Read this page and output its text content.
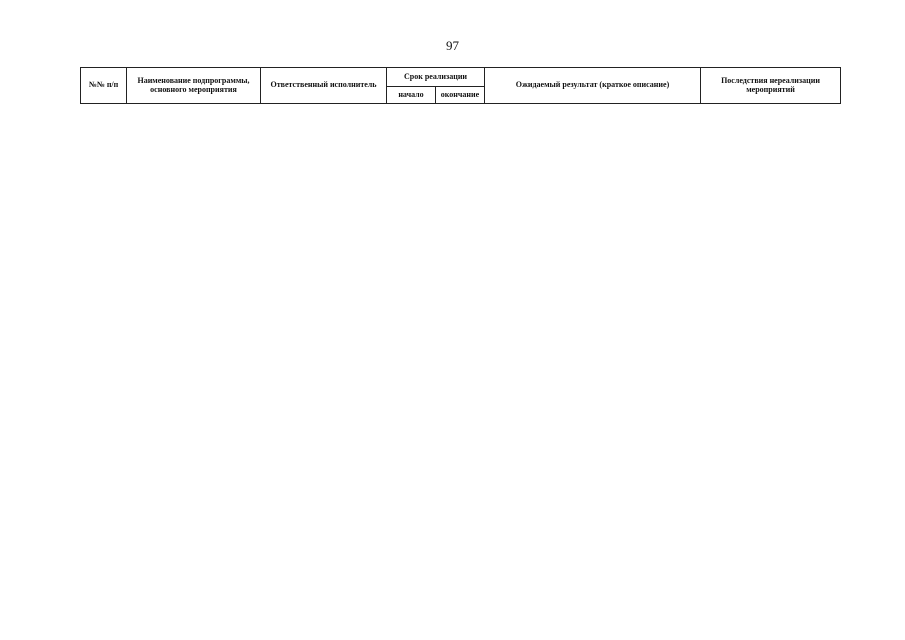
97
№№ п/п	Наименование подпрограммы, основного мероприятия	Ответственный исполнитель	Срок реализации		Ожидаемый результат (краткое описание)	Последствия нереализации мероприятий
			начало	окончание		
